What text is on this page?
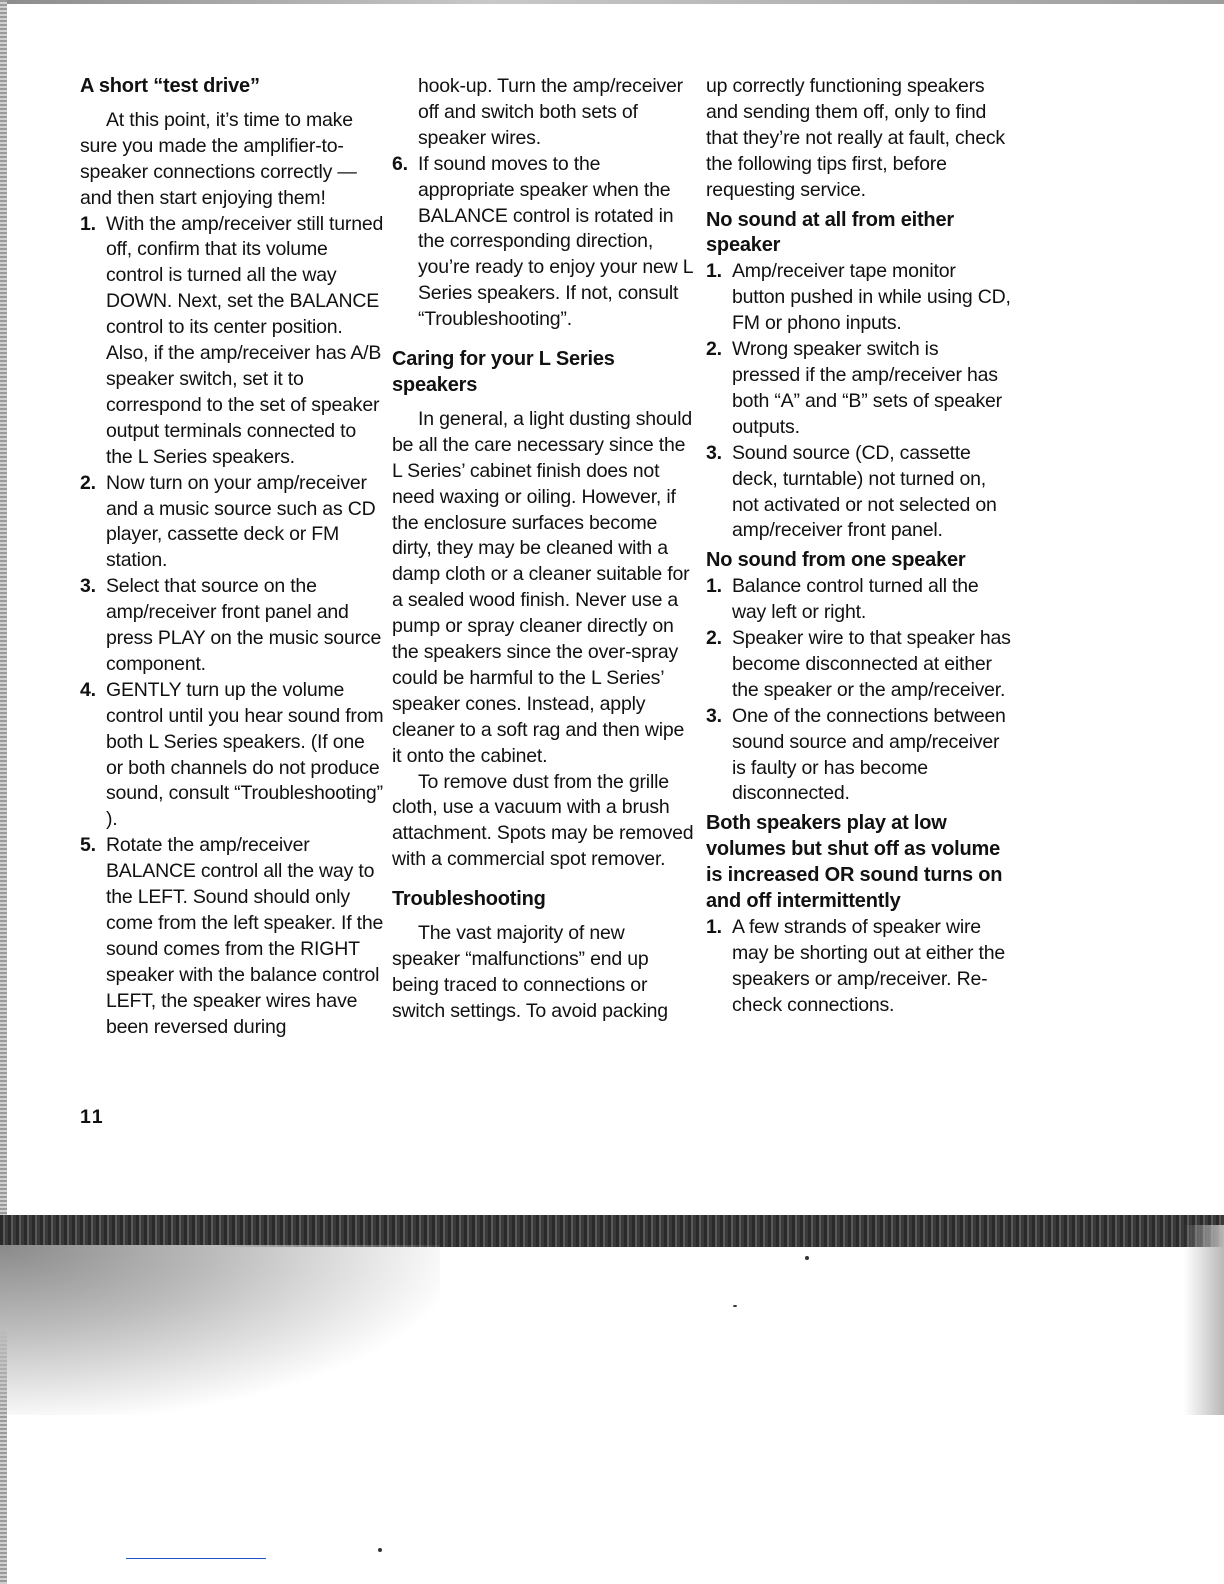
A short “test drive”

At this point, it’s time to make sure you made the amplifier-to-speaker connections correctly — and then start enjoying them!

1. With the amp/receiver still turned off, confirm that its volume control is turned all the way DOWN. Next, set the BALANCE control to its center position. Also, if the amp/receiver has A/B speaker switch, set it to correspond to the set of speaker output terminals connected to the L Series speakers.
2. Now turn on your amp/receiver and a music source such as CD player, cassette deck or FM station.
3. Select that source on the amp/receiver front panel and press PLAY on the music source component.
4. GENTLY turn up the volume control until you hear sound from both L Series speakers. (If one or both channels do not produce sound, consult “Troubleshooting” ).
5. Rotate the amp/receiver BALANCE control all the way to the LEFT. Sound should only come from the left speaker. If the sound comes from the RIGHT speaker with the balance control LEFT, the speaker wires have been reversed during

hook-up. Turn the amp/receiver off and switch both sets of speaker wires.

6. If sound moves to the appropriate speaker when the BALANCE control is rotated in the corresponding direction, you’re ready to enjoy your new L Series speakers. If not, consult “Troubleshooting”.

Caring for your L Series speakers

In general, a light dusting should be all the care necessary since the L Series’ cabinet finish does not need waxing or oiling. However, if the enclosure surfaces become dirty, they may be cleaned with a damp cloth or a cleaner suitable for a sealed wood finish. Never use a pump or spray cleaner directly on the speakers since the over-spray could be harmful to the L Series’ speaker cones. Instead, apply cleaner to a soft rag and then wipe it onto the cabinet.

To remove dust from the grille cloth, use a vacuum with a brush attachment. Spots may be removed with a commercial spot remover.

Troubleshooting

The vast majority of new speaker “malfunctions” end up being traced to connections or switch settings. To avoid packing

up correctly functioning speakers and sending them off, only to find that they’re not really at fault, check the following tips first, before requesting service.

No sound at all from either speaker

1. Amp/receiver tape monitor button pushed in while using CD, FM or phono inputs.
2. Wrong speaker switch is pressed if the amp/receiver has both “A” and “B” sets of speaker outputs.
3. Sound source (CD, cassette deck, turntable) not turned on, not activated or not selected on amp/receiver front panel.

No sound from one speaker

1. Balance control turned all the way left or right.
2. Speaker wire to that speaker has become disconnected at either the speaker or the amp/receiver.
3. One of the connections between sound source and amp/receiver is faulty or has become disconnected.

Both speakers play at low volumes but shut off as volume is increased OR sound turns on and off intermittently

1. A few strands of speaker wire may be shorting out at either the speakers or amp/receiver. Re-check connections.
11
